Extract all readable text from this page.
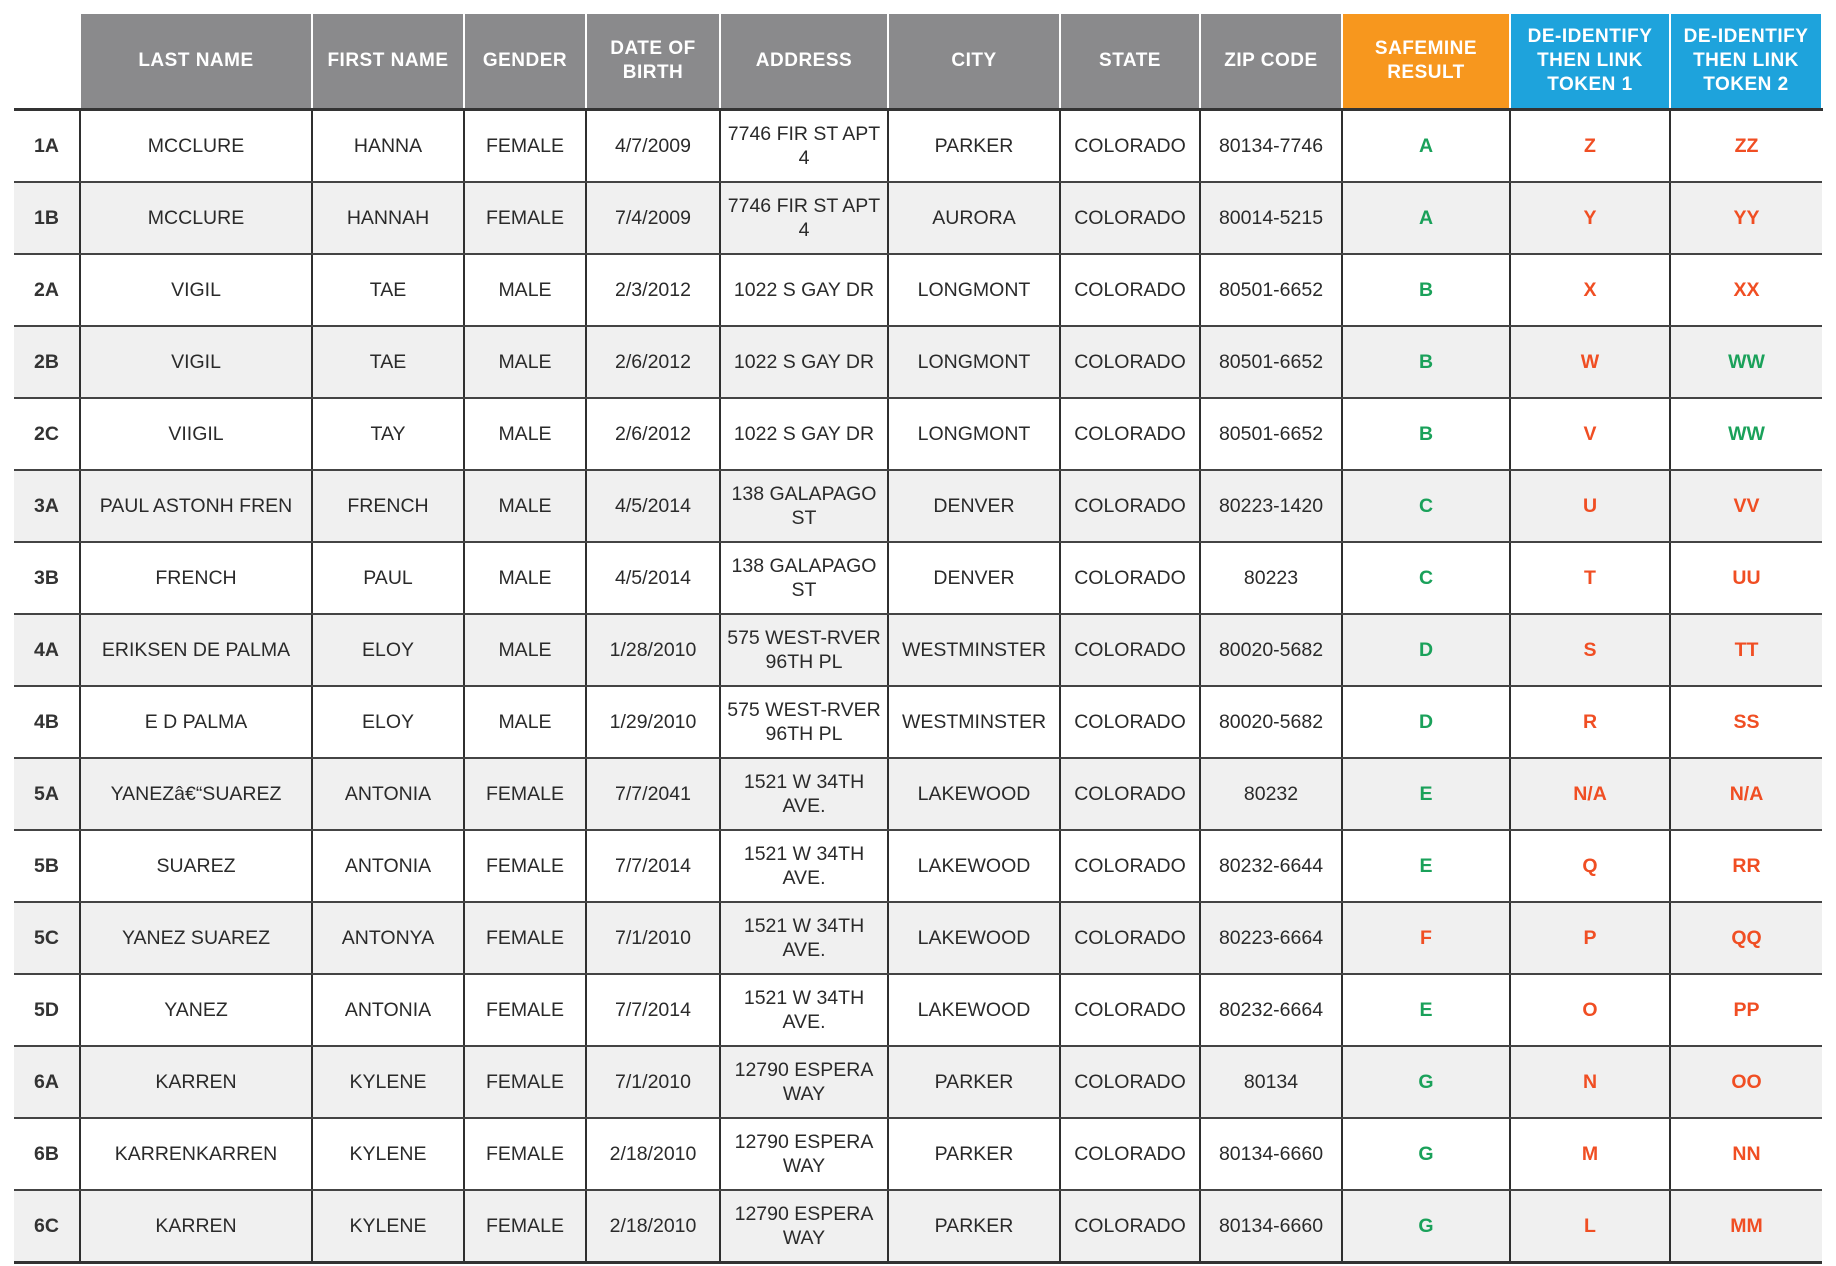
	LAST NAME	FIRST NAME	GENDER	DATE OF BIRTH	ADDRESS	CITY	STATE	ZIP CODE	SAFEMINE RESULT	DE-IDENTIFY THEN LINK TOKEN 1	DE-IDENTIFY THEN LINK TOKEN 2
1A	MCCLURE	HANNA	FEMALE	4/7/2009	7746 FIR ST APT 4	PARKER	COLORADO	80134-7746	A	Z	ZZ
1B	MCCLURE	HANNAH	FEMALE	7/4/2009	7746 FIR ST APT 4	AURORA	COLORADO	80014-5215	A	Y	YY
2A	VIGIL	TAE	MALE	2/3/2012	1022 S GAY DR	LONGMONT	COLORADO	80501-6652	B	X	XX
2B	VIGIL	TAE	MALE	2/6/2012	1022 S GAY DR	LONGMONT	COLORADO	80501-6652	B	W	WW
2C	VIIGIL	TAY	MALE	2/6/2012	1022 S GAY DR	LONGMONT	COLORADO	80501-6652	B	V	WW
3A	PAUL ASTONH FREN	FRENCH	MALE	4/5/2014	138 GALAPAGO ST	DENVER	COLORADO	80223-1420	C	U	VV
3B	FRENCH	PAUL	MALE	4/5/2014	138 GALAPAGO ST	DENVER	COLORADO	80223	C	T	UU
4A	ERIKSEN DE PALMA	ELOY	MALE	1/28/2010	575 WEST-RVER 96TH PL	WESTMINSTER	COLORADO	80020-5682	D	S	TT
4B	E D PALMA	ELOY	MALE	1/29/2010	575 WEST-RVER 96TH PL	WESTMINSTER	COLORADO	80020-5682	D	R	SS
5A	YANEZâ€“SUAREZ	ANTONIA	FEMALE	7/7/2041	1521 W 34TH AVE.	LAKEWOOD	COLORADO	80232	E	N/A	N/A
5B	SUAREZ	ANTONIA	FEMALE	7/7/2014	1521 W 34TH AVE.	LAKEWOOD	COLORADO	80232-6644	E	Q	RR
5C	YANEZ SUAREZ	ANTONYA	FEMALE	7/1/2010	1521 W 34TH AVE.	LAKEWOOD	COLORADO	80223-6664	F	P	QQ
5D	YANEZ	ANTONIA	FEMALE	7/7/2014	1521 W 34TH AVE.	LAKEWOOD	COLORADO	80232-6664	E	O	PP
6A	KARREN	KYLENE	FEMALE	7/1/2010	12790 ESPERA WAY	PARKER	COLORADO	80134	G	N	OO
6B	KARRENKARREN	KYLENE	FEMALE	2/18/2010	12790 ESPERA WAY	PARKER	COLORADO	80134-6660	G	M	NN
6C	KARREN	KYLENE	FEMALE	2/18/2010	12790 ESPERA WAY	PARKER	COLORADO	80134-6660	G	L	MM
